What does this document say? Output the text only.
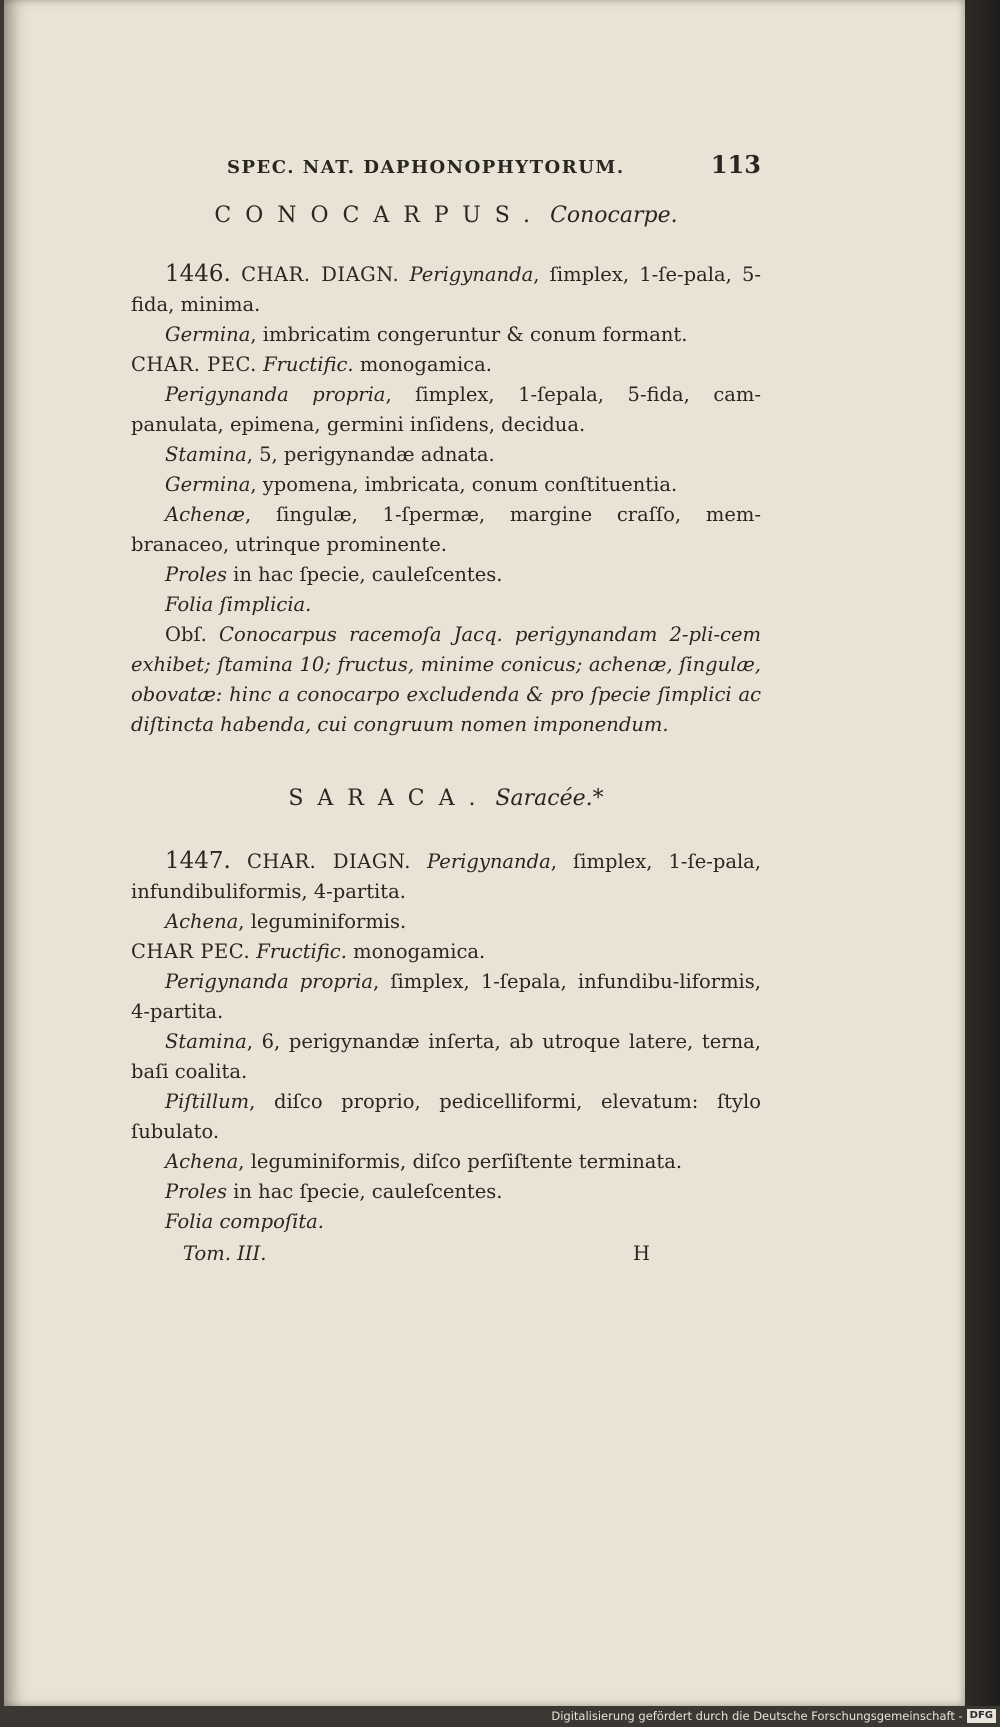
SPEC. NAT. DAPHONOPHYTORUM.	113
CONOCARPUS. Conocarpe.

1446. CHAR. DIAGN. Perigynanda, ſimplex, 1-ſe-pala, 5-fida, minima.

Germina, imbricatim congeruntur & conum formant.

CHAR. PEC. Fructific. monogamica.

Perigynanda propria, ſimplex, 1-ſepala, 5-fida, cam-panulata, epimena, germini inſidens, decidua.

Stamina, 5, perigynandæ adnata.

Germina, ypomena, imbricata, conum conſtituentia.

Achenæ, ſingulæ, 1-ſpermæ, margine craſſo, mem-branaceo, utrinque prominente.

Proles in hac ſpecie, cauleſcentes.

Folia ſimplicia.

Obſ. Conocarpus racemoſa Jacq. perigynandam 2-pli-cem exhibet; ſtamina 10; fructus, minime conicus; achenæ, ſingulæ, obovatæ: hinc a conocarpo excludenda & pro ſpecie ſimplici ac diſtincta habenda, cui congruum nomen imponendum.

SARACA. Saracée.*

1447. CHAR. DIAGN. Perigynanda, ſimplex, 1-ſe-pala, infundibuliformis, 4-partita.

Achena, leguminiformis.

CHAR PEC. Fructific. monogamica.

Perigynanda propria, ſimplex, 1-ſepala, infundibu-liformis, 4-partita.

Stamina, 6, perigynandæ inſerta, ab utroque latere, terna, baſi coalita.

Piſtillum, diſco proprio, pedicelliformi, elevatum: ſtylo ſubulato.

Achena, leguminiformis, diſco perſiſtente terminata.

Proles in hac ſpecie, cauleſcentes.

Folia compoſita.

Tom. III.	H
Digitalisierung gefördert durch die Deutsche Forschungsgemeinschaft - DFG
